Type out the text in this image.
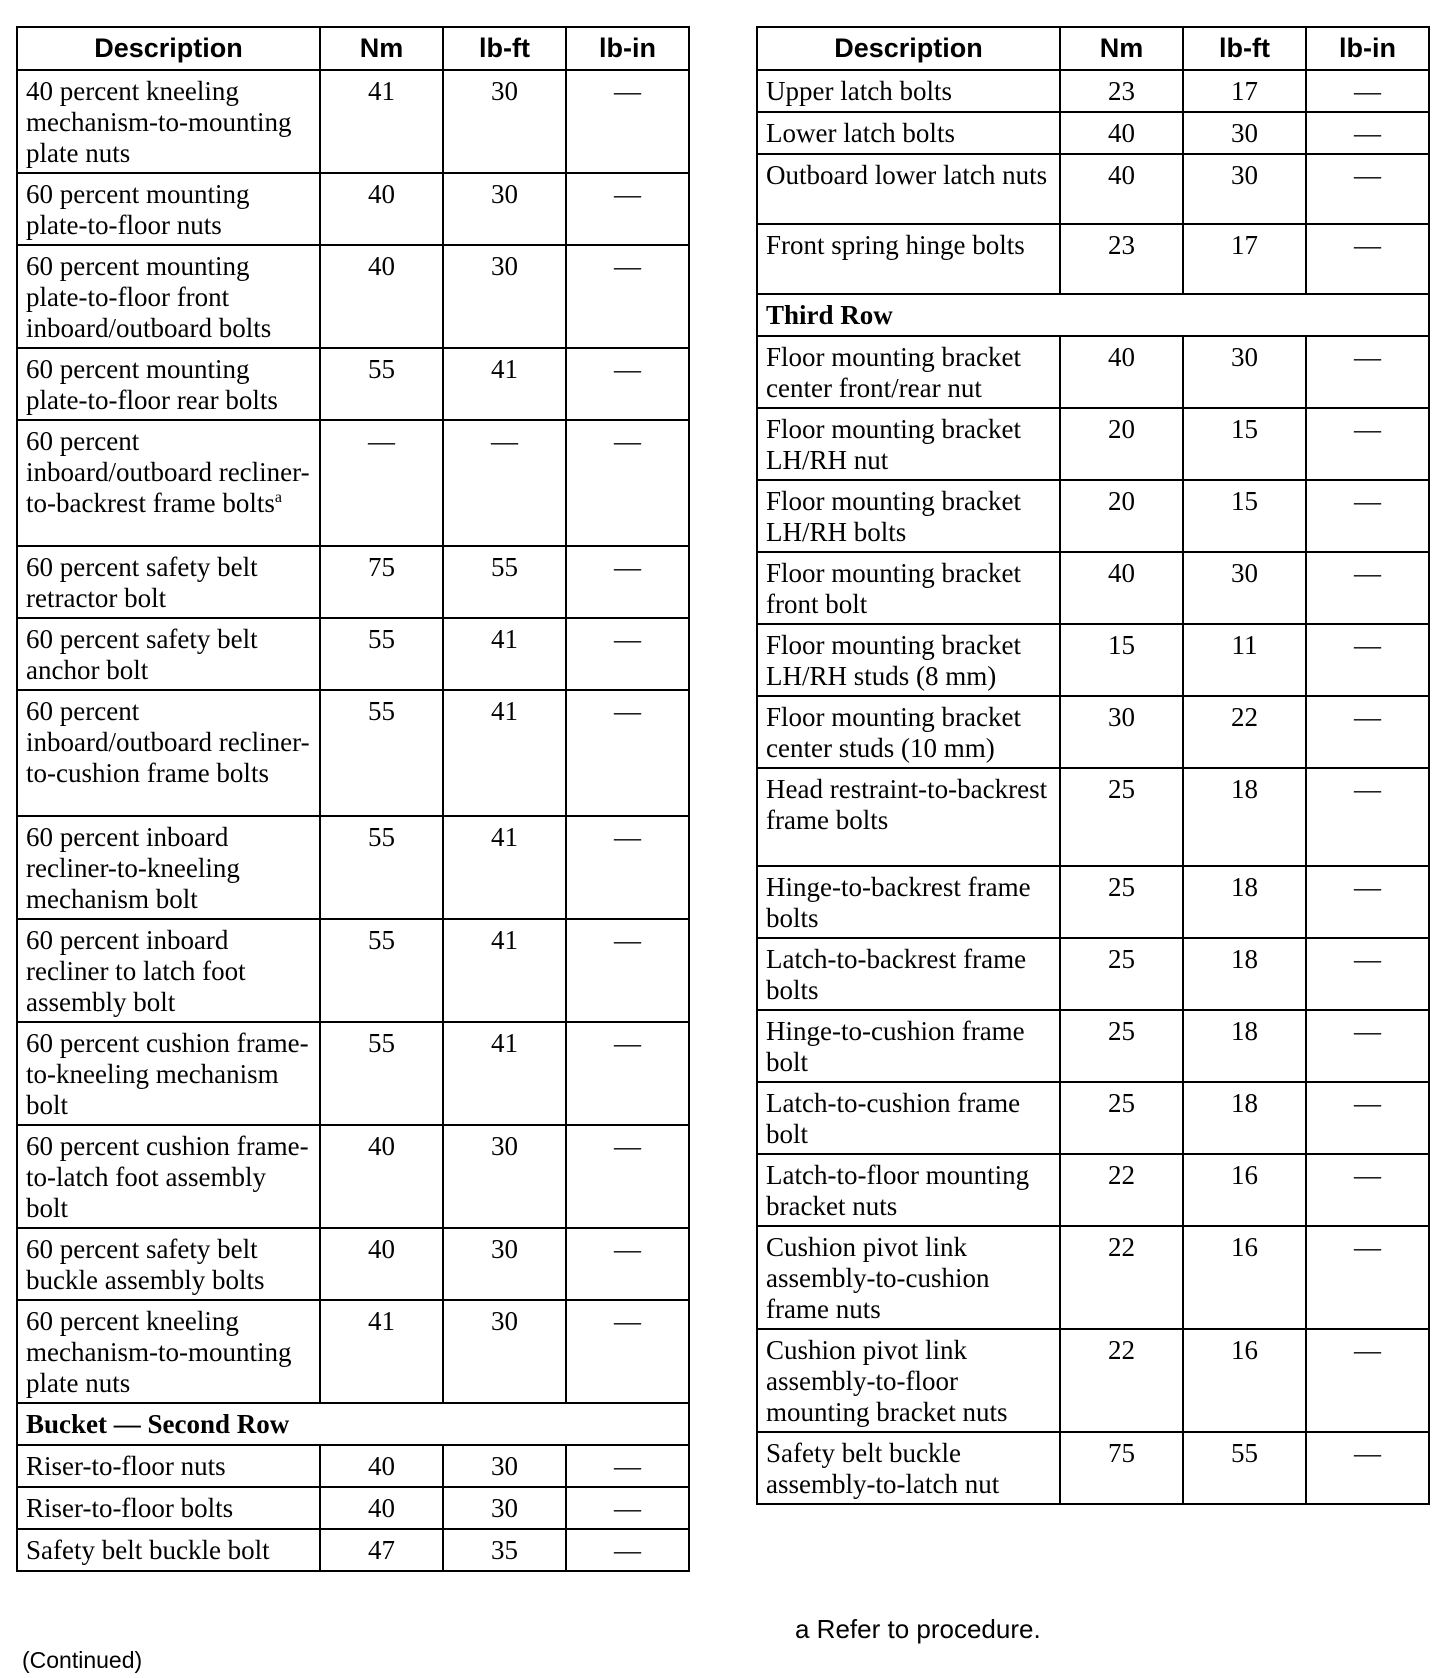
Description	Nm	lb-ft	lb-in
40 percent kneeling mechanism-to-mounting plate nuts	41	30	—
60 percent mounting plate-to-floor nuts	40	30	—
60 percent mounting plate-to-floor front inboard/outboard bolts	40	30	—
60 percent mounting plate-to-floor rear bolts	55	41	—
60 percent inboard/outboard recliner-to-backrest frame bolts$^a$	—	—	—
60 percent safety belt retractor bolt	75	55	—
60 percent safety belt anchor bolt	55	41	—
60 percent inboard/outboard recliner-to-cushion frame bolts	55	41	—
60 percent inboard recliner-to-kneeling mechanism bolt	55	41	—
60 percent inboard recliner to latch foot assembly bolt	55	41	—
60 percent cushion frame-to-kneeling mechanism bolt	55	41	—
60 percent cushion frame-to-latch foot assembly bolt	40	30	—
60 percent safety belt buckle assembly bolts	40	30	—
60 percent kneeling mechanism-to-mounting plate nuts	41	30	—
Bucket — Second Row			
Riser-to-floor nuts	40	30	—
Riser-to-floor bolts	40	30	—
Safety belt buckle bolt	47	35	—
Description	Nm	lb-ft	lb-in
Upper latch bolts	23	17	—
Lower latch bolts	40	30	—
Outboard lower latch nuts	40	30	—
Front spring hinge bolts	23	17	—
Third Row			
Floor mounting bracket center front/rear nut	40	30	—
Floor mounting bracket LH/RH nut	20	15	—
Floor mounting bracket LH/RH bolts	20	15	—
Floor mounting bracket front bolt	40	30	—
Floor mounting bracket LH/RH studs (8 mm)	15	11	—
Floor mounting bracket center studs (10 mm)	30	22	—
Head restraint-to-backrest frame bolts	25	18	—
Hinge-to-backrest frame bolts	25	18	—
Latch-to-backrest frame bolts	25	18	—
Hinge-to-cushion frame bolt	25	18	—
Latch-to-cushion frame bolt	25	18	—
Latch-to-floor mounting bracket nuts	22	16	—
Cushion pivot link assembly-to-cushion frame nuts	22	16	—
Cushion pivot link assembly-to-floor mounting bracket nuts	22	16	—
Safety belt buckle assembly-to-latch nut	75	55	—
a Refer to procedure.
(Continued)
